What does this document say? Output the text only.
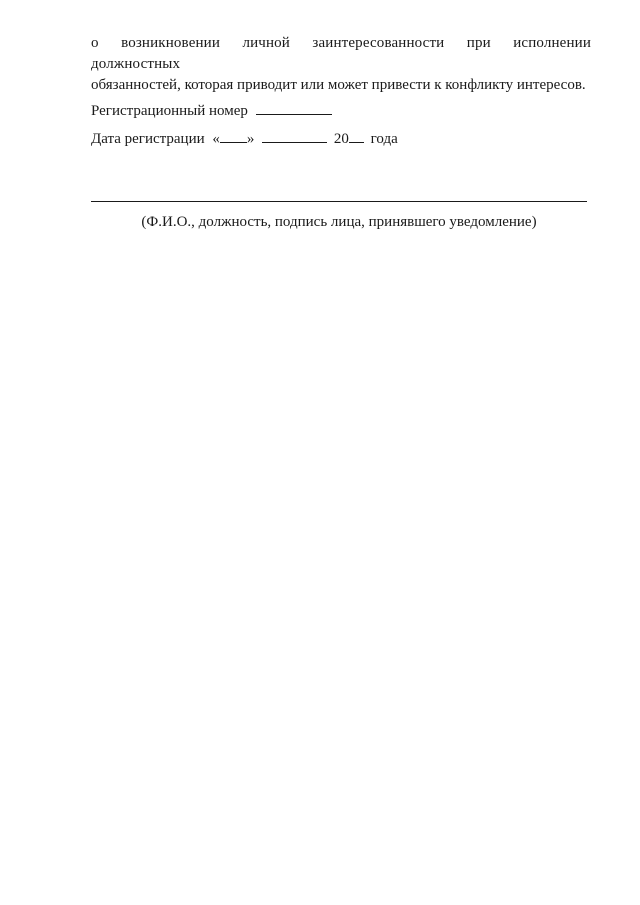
о возникновении личной заинтересованности при исполнении должностных
обязанностей, которая приводит или может привести к конфликту интересов.
Регистрационный номер
Дата регистрации « »	20 года
(Ф.И.О., должность, подпись лица, принявшего уведомление)
